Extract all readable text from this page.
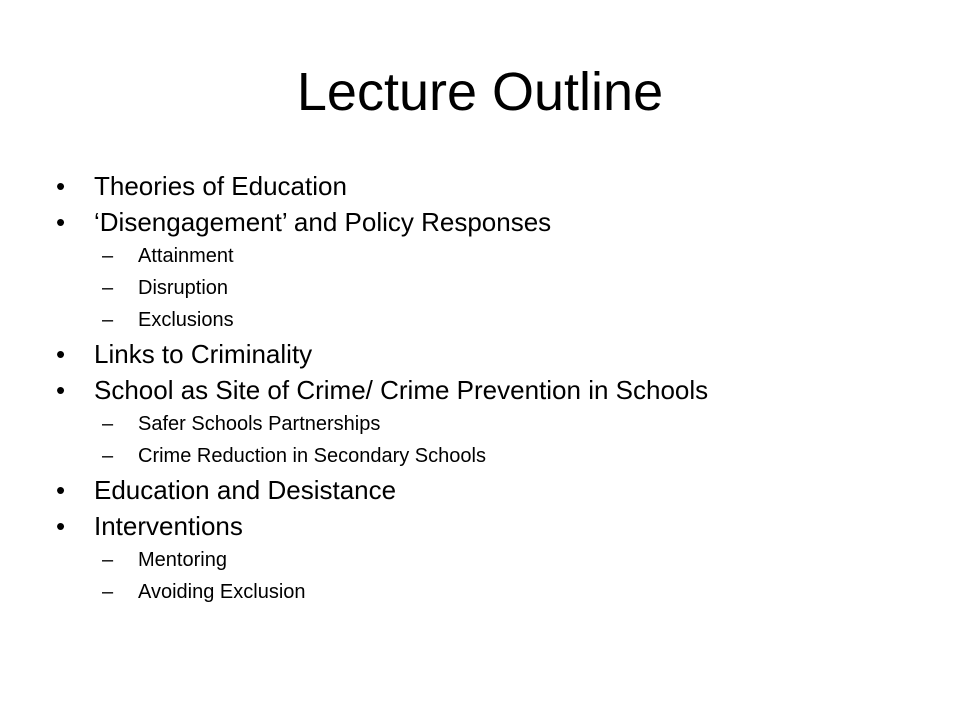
Lecture Outline
• Theories of Education
• ‘Disengagement’ and Policy Responses
– Attainment
– Disruption
– Exclusions
• Links to Criminality
• School as Site of Crime/ Crime Prevention in Schools
– Safer Schools Partnerships
– Crime Reduction in Secondary Schools
• Education and Desistance
• Interventions
– Mentoring
– Avoiding Exclusion
